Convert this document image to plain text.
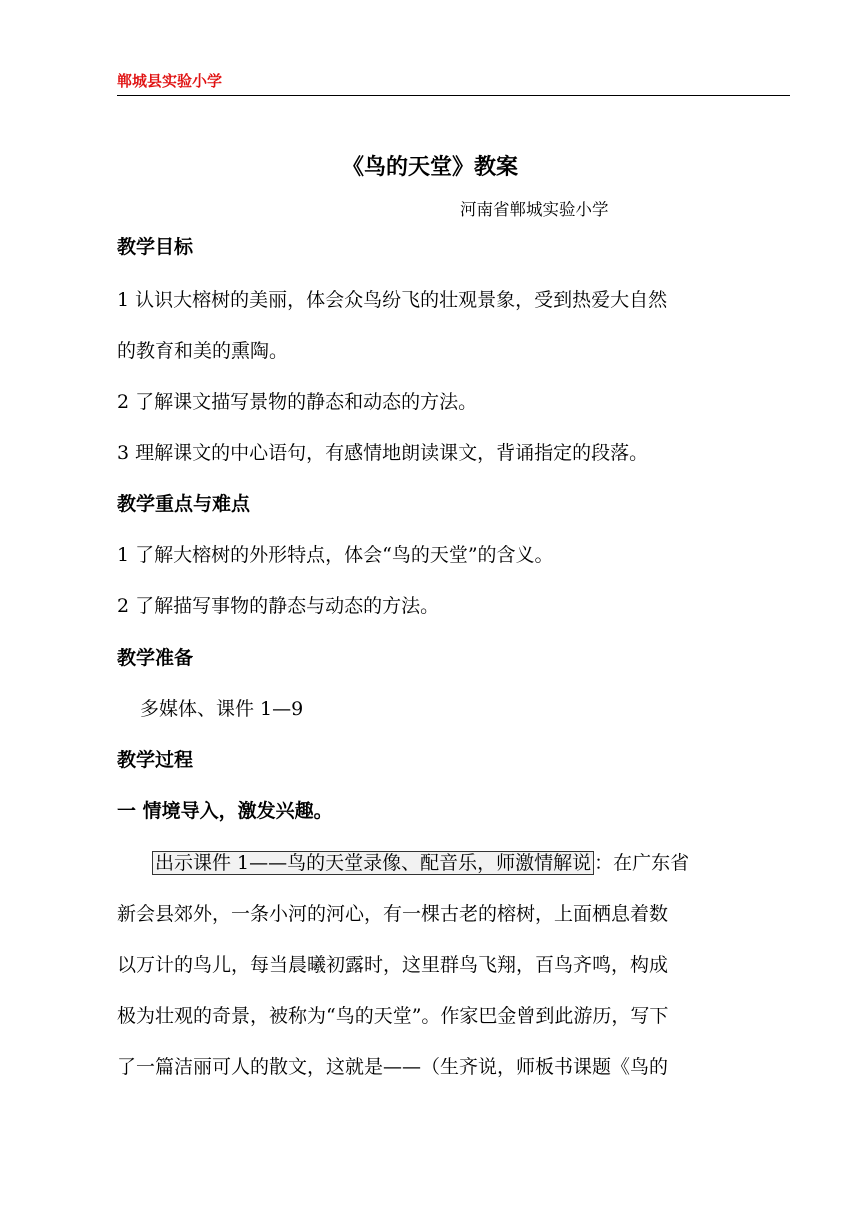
郸城县实验小学
《鸟的天堂》教案
河南省郸城实验小学
教学目标
1 认识大榕树的美丽，体会众鸟纷飞的壮观景象，受到热爱大自然
的教育和美的熏陶。
2 了解课文描写景物的静态和动态的方法。
3 理解课文的中心语句，有感情地朗读课文，背诵指定的段落。
教学重点与难点
1 了解大榕树的外形特点，体会“鸟的天堂”的含义。
2 了解描写事物的静态与动态的方法。
教学准备
多媒体、课件 1—9
教学过程
一 情境导入，激发兴趣。
出示课件 1——鸟的天堂录像、配音乐，师激情解说 ：在广东省
新会县郊外，一条小河的河心，有一棵古老的榕树，上面栖息着数
以万计的鸟儿，每当晨曦初露时，这里群鸟飞翔，百鸟齐鸣，构成
极为壮观的奇景，被称为“鸟的天堂”。作家巴金曾到此游历，写下
了一篇洁丽可人的散文，这就是——（生齐说，师板书课题《鸟的
